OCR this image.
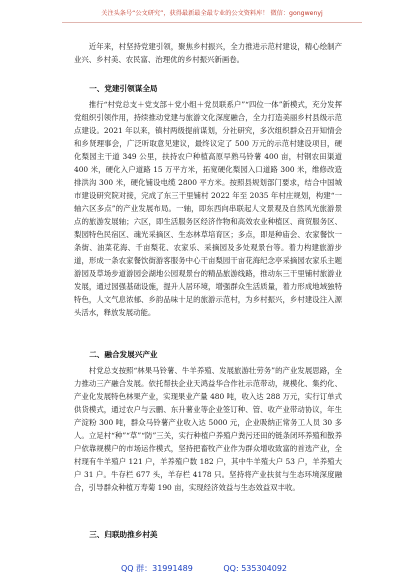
关注头条号“公文研究”，获得最新最全最专业的公文资料库！ 微信：gongwenyj

近年来，村坚持党建引领，聚焦乡村振兴，全力推进示范村建设，精心绘制产业兴、乡村美、农民富、治理优的乡村振兴新画卷。

一、党建引领谋全局

推行“村党总支＋党支部＋党小组＋党员联系户”“四位一体”新模式，充分发挥党组织引领作用，持续推动党建与旅游文化深度融合，全力打造美丽乡村县级示范点建设。2021 年以来，镇村两级提前谋划，分社研究，多次组织群众召开知情会和乡贤理事会，广泛听取意见建议，最终议定了 500 万元的示范村建设项目，硬化梨园主干道 349 公里，扶持农户种植高原早熟马铃薯 400 亩，村钢农田渠道 400 米，硬化入户道路 15 万平方米，拓宽硬化梨园入口道路 300 米，维修改造排洪沟 300 米，硬化铺设电缆 2800 平方米。按照县规划部门要求，结合中国城市建设研究院对接，完成了东三干里铺村 2022 年至 2035 年村庄规划，构建“一轴六区多点”的产业发展布局。一轴，即东西向串联起人文景观及自然风光旅游景点的旅游发展轴；六区，即生活服务区经济作物和高效农业种植区、商贸服务区、梨园特色民宿区、魂光采摘区、生态林草培育区；多点，即是种庙会、农家餐饮一条街、油菜花海、千亩梨花、农家乐、采摘园及多处观景台等。着力构建旅游步道，形成一条农家餐饮街游客服务中心干亩梨园干亩花海纪念亭采摘园农家乐主题游园及草场步道游园会湖地公园观景台的精品旅游线路，推动东三干里铺村旅游业发展，通过园强基础设施，提升人居环境，增强群众生活质量，着力形成地域独特特色，人文气息浓郁、乡韵品味十足的旅游示范村，为乡村振兴，乡村建设注入源头活水，释放发展动能。

二、融合发展兴产业

村党总支按照“林果马铃薯、牛羊养殖、发展旅游壮劳务”的产业发展思路，全力推动三产融合发展。依托帮扶企业天鸿益华合作社示范带动，规模化、集约化、产业化发展特色林果产业，实现果业产量 480 吨，收入达 288 万元，实行订单式供货模式，通过农户与云鹏、东升薯业等企业签订种、管、收产业带动协议，年生产淀粉 300 吨，群众马铃薯产业收入达 5000 元，企业吸纳正常务工人员 30 多人。立足村“种”“草”“防”三关，实行种植户养殖户粪污还田的链条闭环养殖和散养户依靠规模户的市场运作模式，坚持把畜牧产业作为群众增收致富的首选产业，全村现有牛羊殖户 121 户，羊养殖户数 182 户，其中牛羊殖大户 53 户，羊养殖大户 31 户。牛存栏 677 头，羊存栏 4178 只。坚持将产业扶贫与生态环境深度融合，引导群众种植万寿菊 190 亩，实现经济效益与生态效益双丰收。

三、归联助推乡村美

QQ 群：31991489	QQ: 535304092
